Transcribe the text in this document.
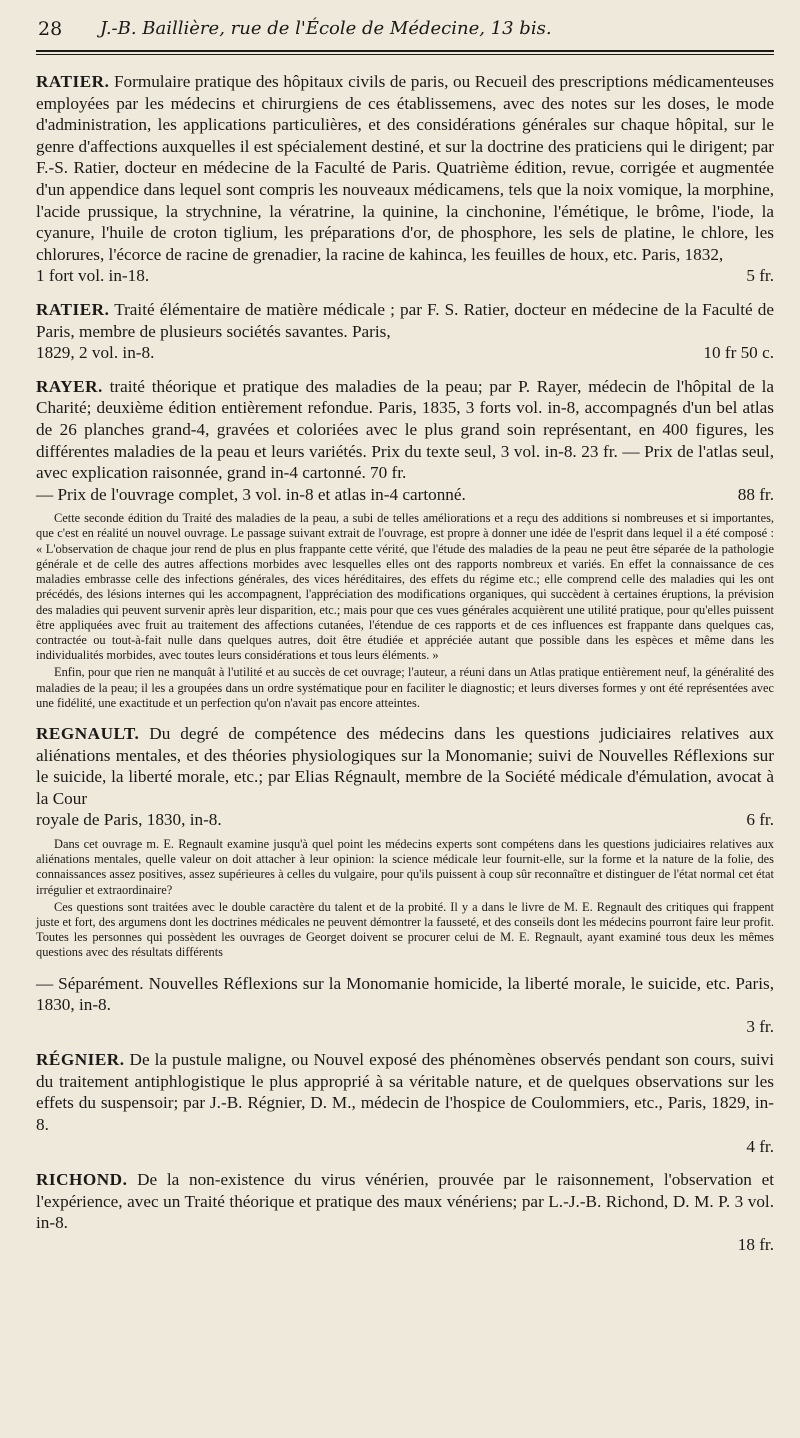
28 J.-B. Baillière, rue de l'École de Médecine, 13 bis.

RATIER. Formulaire pratique des hôpitaux civils de paris, ou Recueil des prescriptions médicamenteuses employées par les médecins et chirurgiens de ces établissemens, avec des notes sur les doses, le mode d'administration, les applications particulières, et des considérations générales sur chaque hôpital, sur le genre d'affections auxquelles il est spécialement destiné, et sur la doctrine des praticiens qui le dirigent; par F.-S. Ratier, docteur en médecine de la Faculté de Paris. Quatrième édition, revue, corrigée et augmentée d'un appendice dans lequel sont compris les nouveaux médicamens, tels que la noix vomique, la morphine, l'acide prussique, la strychnine, la vératrine, la quinine, la cinchonine, l'émétique, le brôme, l'iode, la cyanure, l'huile de croton tiglium, les préparations d'or, de phosphore, les sels de platine, le chlore, les chlorures, l'écorce de racine de grenadier, la racine de kahinca, les feuilles de houx, etc. Paris, 1832,

1 fort vol. in-18.	5 fr.

RATIER. Traité élémentaire de matière médicale ; par F. S. Ratier, docteur en médecine de la Faculté de Paris, membre de plusieurs sociétés savantes. Paris,

1829, 2 vol. in-8.	10 fr 50 c.

RAYER. traité théorique et pratique des maladies de la peau; par P. Rayer, médecin de l'hôpital de la Charité; deuxième édition entièrement refondue. Paris, 1835, 3 forts vol. in-8, accompagnés d'un bel atlas de 26 planches grand-4, gravées et coloriées avec le plus grand soin représentant, en 400 figures, les différentes maladies de la peau et leurs variétés. Prix du texte seul, 3 vol. in-8. 23 fr. — Prix de l'atlas seul, avec explication raisonnée, grand in-4 cartonné. 70 fr.

— Prix de l'ouvrage complet, 3 vol. in-8 et atlas in-4 cartonné.	88 fr.

Cette seconde édition du Traité des maladies de la peau, a subi de telles améliorations et a reçu des additions si nombreuses et si importantes, que c'est en réalité un nouvel ouvrage. Le passage suivant extrait de l'ouvrage, est propre à donner une idée de l'esprit dans lequel il a été composé : « L'observation de chaque jour rend de plus en plus frappante cette vérité, que l'étude des maladies de la peau ne peut être séparée de la pathologie générale et de celle des autres affections morbides avec lesquelles elles ont des rapports nombreux et variés. En effet la connaissance de ces maladies embrasse celle des infections générales, des vices héréditaires, des effets du régime etc.; elle comprend celle des maladies qui les ont précédés, des lésions internes qui les accompagnent, l'appréciation des modifications organiques, qui succèdent à certaines éruptions, la prévision des maladies qui peuvent survenir après leur disparition, etc.; mais pour que ces vues générales acquièrent une utilité pratique, pour qu'elles puissent être appliquées avec fruit au traitement des affections cutanées, l'étendue de ces rapports et de ces influences est frappante dans quelques cas, contractée ou tout-à-fait nulle dans quelques autres, doit être étudiée et appréciée autant que possible dans les espèces et même dans les individualités morbides, avec toutes leurs considérations et tous leurs éléments. »

Enfin, pour que rien ne manquât à l'utilité et au succès de cet ouvrage; l'auteur, a réuni dans un Atlas pratique entièrement neuf, la généralité des maladies de la peau; il les a groupées dans un ordre systématique pour en faciliter le diagnostic; et leurs diverses formes y ont été représentées avec une fidélité, une exactitude et un perfection qu'on n'avait pas encore atteintes.

REGNAULT. Du degré de compétence des médecins dans les questions judiciaires relatives aux aliénations mentales, et des théories physiologiques sur la Monomanie; suivi de Nouvelles Réflexions sur le suicide, la liberté morale, etc.; par Elias Régnault, membre de la Société médicale d'émulation, avocat à la Cour

royale de Paris, 1830, in-8.	6 fr.

Dans cet ouvrage m. E. Regnault examine jusqu'à quel point les médecins experts sont compétens dans les questions judiciaires relatives aux aliénations mentales, quelle valeur on doit attacher à leur opinion: la science médicale leur fournit-elle, sur la forme et la nature de la folie, des connaissances assez positives, assez supérieures à celles du vulgaire, pour qu'ils puissent à coup sûr reconnaître et distinguer de l'état normal cet état irrégulier et extraordinaire?

Ces questions sont traitées avec le double caractère du talent et de la probité. Il y a dans le livre de M. E. Regnault des critiques qui frappent juste et fort, des argumens dont les doctrines médicales ne peuvent démontrer la fausseté, et des conseils dont les médecins pourront faire leur profit. Toutes les personnes qui possèdent les ouvrages de Georget doivent se procurer celui de M. E. Regnault, ayant examiné tous deux les mêmes questions avec des résultats différents

— Séparément. Nouvelles Réflexions sur la Monomanie homicide, la liberté morale, le suicide, etc. Paris, 1830, in-8.

3 fr.

RÉGNIER. De la pustule maligne, ou Nouvel exposé des phénomènes observés pendant son cours, suivi du traitement antiphlogistique le plus approprié à sa véritable nature, et de quelques observations sur les effets du suspensoir; par J.-B. Régnier, D. M., médecin de l'hospice de Coulommiers, etc., Paris, 1829, in-8.

4 fr.

RICHOND. De la non-existence du virus vénérien, prouvée par le raisonnement, l'observation et l'expérience, avec un Traité théorique et pratique des maux vénériens; par L.-J.-B. Richond, D. M. P. 3 vol. in-8.

18 fr.
